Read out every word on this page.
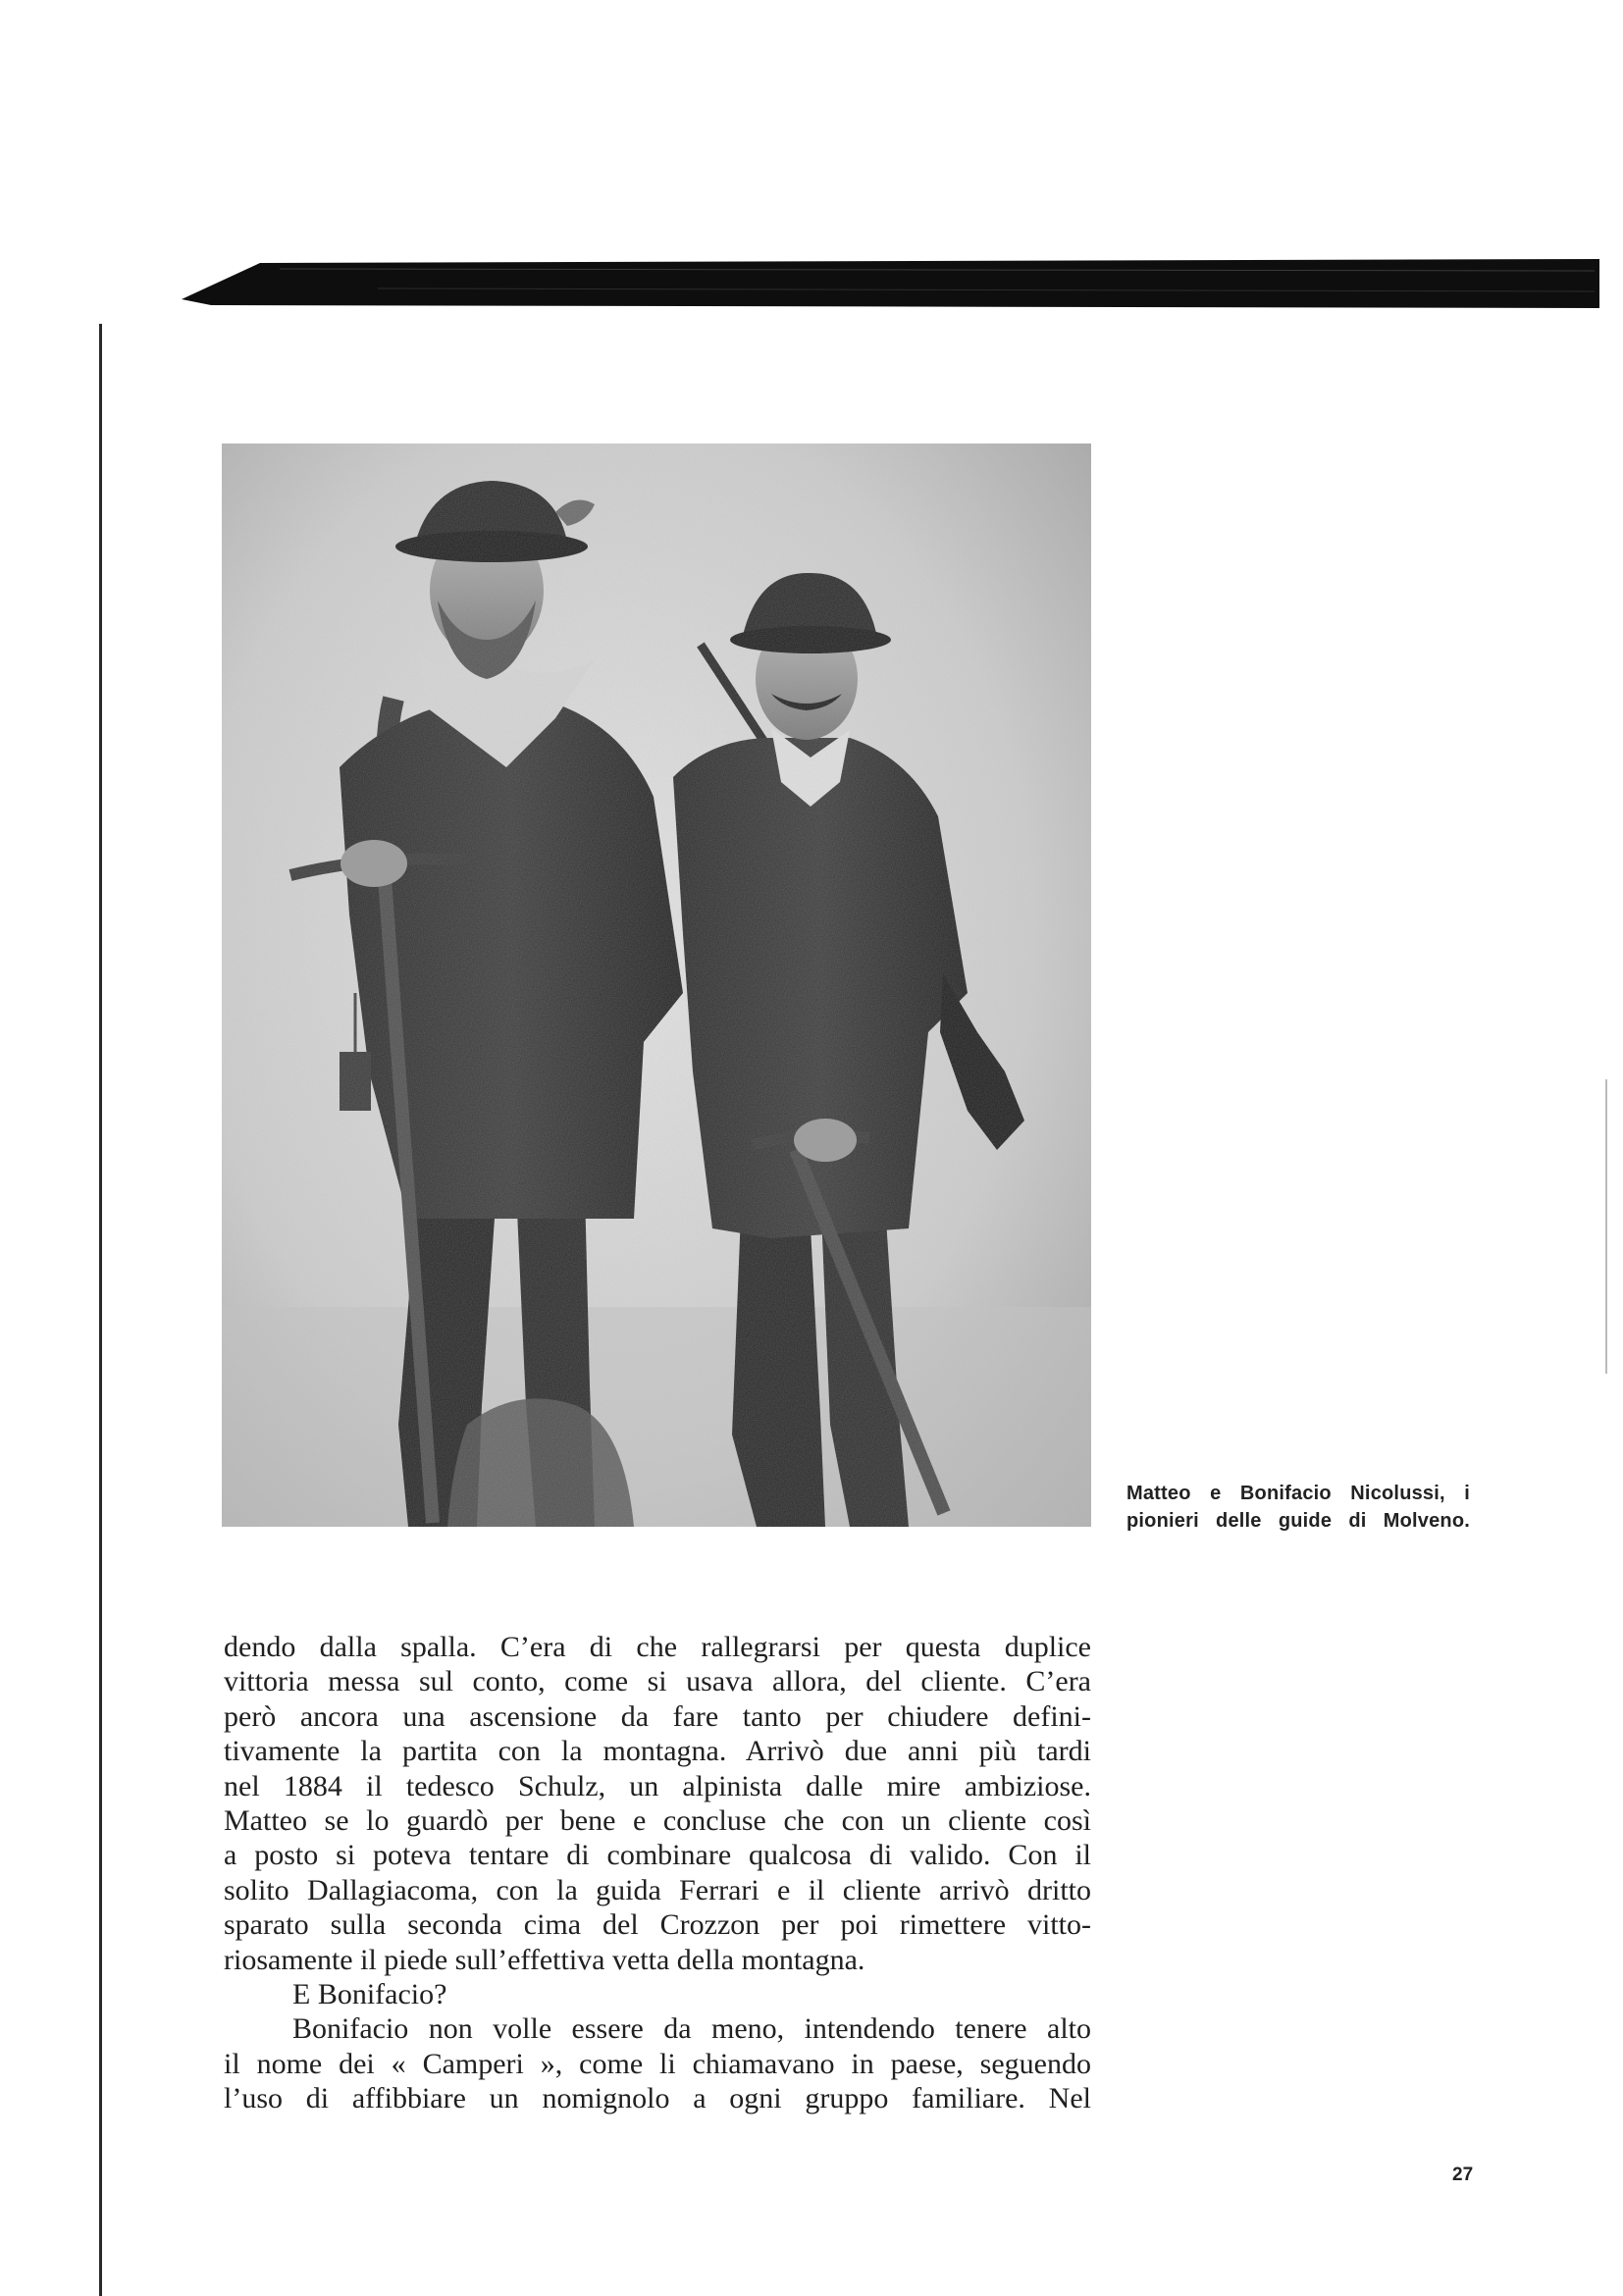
Matteo e Bonifacio Nicolussi, i
pionieri delle guide di Molveno.
dendo dalla spalla. C’era di che rallegrarsi per questa duplice
vittoria messa sul conto, come si usava allora, del cliente. C’era
però ancora una ascensione da fare tanto per chiudere defini-
tivamente la partita con la montagna. Arrivò due anni più tardi
nel 1884 il tedesco Schulz, un alpinista dalle mire ambiziose.
Matteo se lo guardò per bene e concluse che con un cliente così
a posto si poteva tentare di combinare qualcosa di valido. Con il
solito Dallagiacoma, con la guida Ferrari e il cliente arrivò dritto
sparato sulla seconda cima del Crozzon per poi rimettere vitto-
riosamente il piede sull’effettiva vetta della montagna.
E Bonifacio?
Bonifacio non volle essere da meno, intendendo tenere alto
il nome dei « Camperi », come li chiamavano in paese, seguendo
l’uso di affibbiare un nomignolo a ogni gruppo familiare. Nel
27
